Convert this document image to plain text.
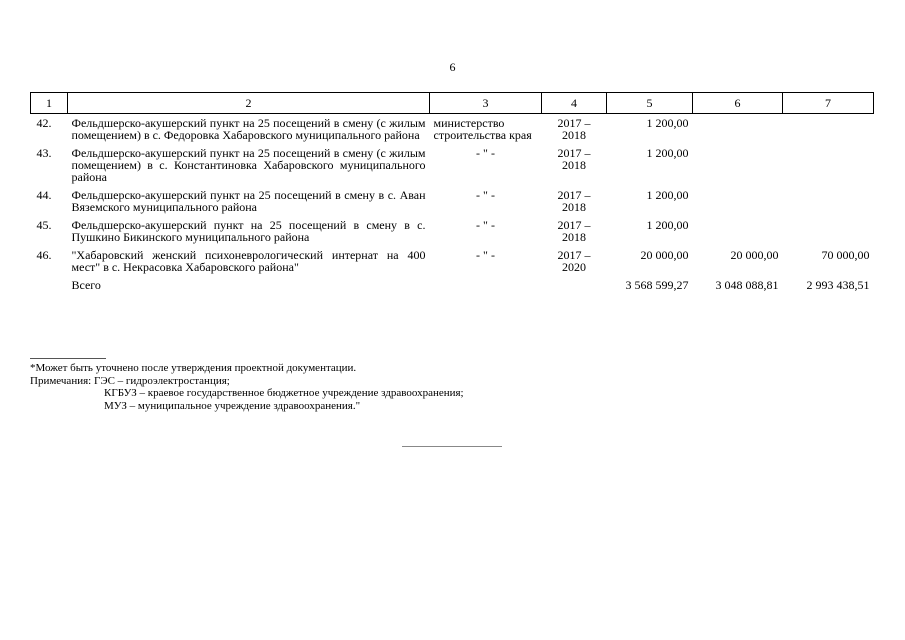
6
1	2	3	4	5	6	7
42.	Фельдшерско-акушерский пункт на 25 посещений в смену (с жилым помещением) в с. Федоровка Хабаровского муниципального района	министерство строительства края	2017 – 2018	1 200,00		
43.	Фельдшерско-акушерский пункт на 25 посещений в смену (с жилым помещением) в с. Константиновка Хабаровского муниципального района	- " -	2017 – 2018	1 200,00		
44.	Фельдшерско-акушерский пункт на 25 посещений в смену в с. Аван Вяземского муниципального района	- " -	2017 – 2018	1 200,00		
45.	Фельдшерско-акушерский пункт на 25 посещений в смену в с. Пушкино Бикинского муниципального района	- " -	2017 – 2018	1 200,00		
46.	"Хабаровский женский психоневрологический интернат на 400 мест" в с. Некрасовка Хабаровского района"	- " -	2017 – 2020	20 000,00	20 000,00	70 000,00
	Всего			3 568 599,27	3 048 088,81	2 993 438,51
*Может быть уточнено после утверждения проектной документации.
Примечания: ГЭС – гидроэлектростанция;
КГБУЗ – краевое государственное бюджетное учреждение здравоохранения;
МУЗ – муниципальное учреждение здравоохранения."
